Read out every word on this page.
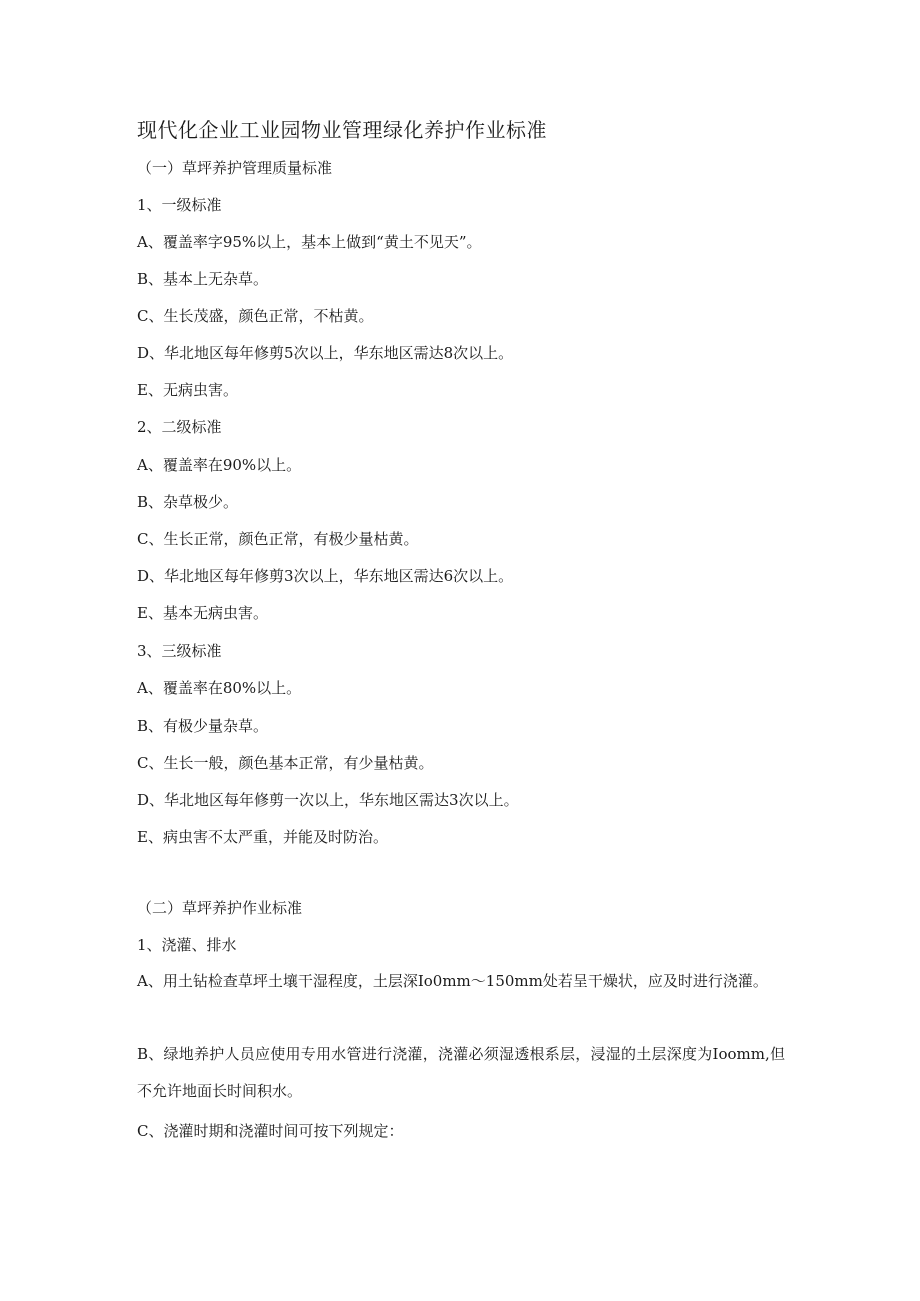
现代化企业工业园物业管理绿化养护作业标准
（一）草坪养护管理质量标准
1、一级标准
A、覆盖率字95%以上，基本上做到“黄土不见天”。
B、基本上无杂草。
C、生长茂盛，颜色正常，不枯黄。
D、华北地区每年修剪5次以上，华东地区需达8次以上。
E、无病虫害。
2、二级标准
A、覆盖率在90%以上。
B、杂草极少。
C、生长正常，颜色正常，有极少量枯黄。
D、华北地区每年修剪3次以上，华东地区需达6次以上。
E、基本无病虫害。
3、三级标准
A、覆盖率在80%以上。
B、有极少量杂草。
C、生长一般，颜色基本正常，有少量枯黄。
D、华北地区每年修剪一次以上，华东地区需达3次以上。
E、病虫害不太严重，并能及时防治。
（二）草坪养护作业标准
1、浇灌、排水
A、用土钻检查草坪土壤干湿程度，土层深Io0mm～150mm处若呈干燥状，应及时进行浇灌。
B、绿地养护人员应使用专用水管进行浇灌，浇灌必须湿透根系层，浸湿的土层深度为Ioomm,但不允许地面长时间积水。
C、浇灌时期和浇灌时间可按下列规定：
